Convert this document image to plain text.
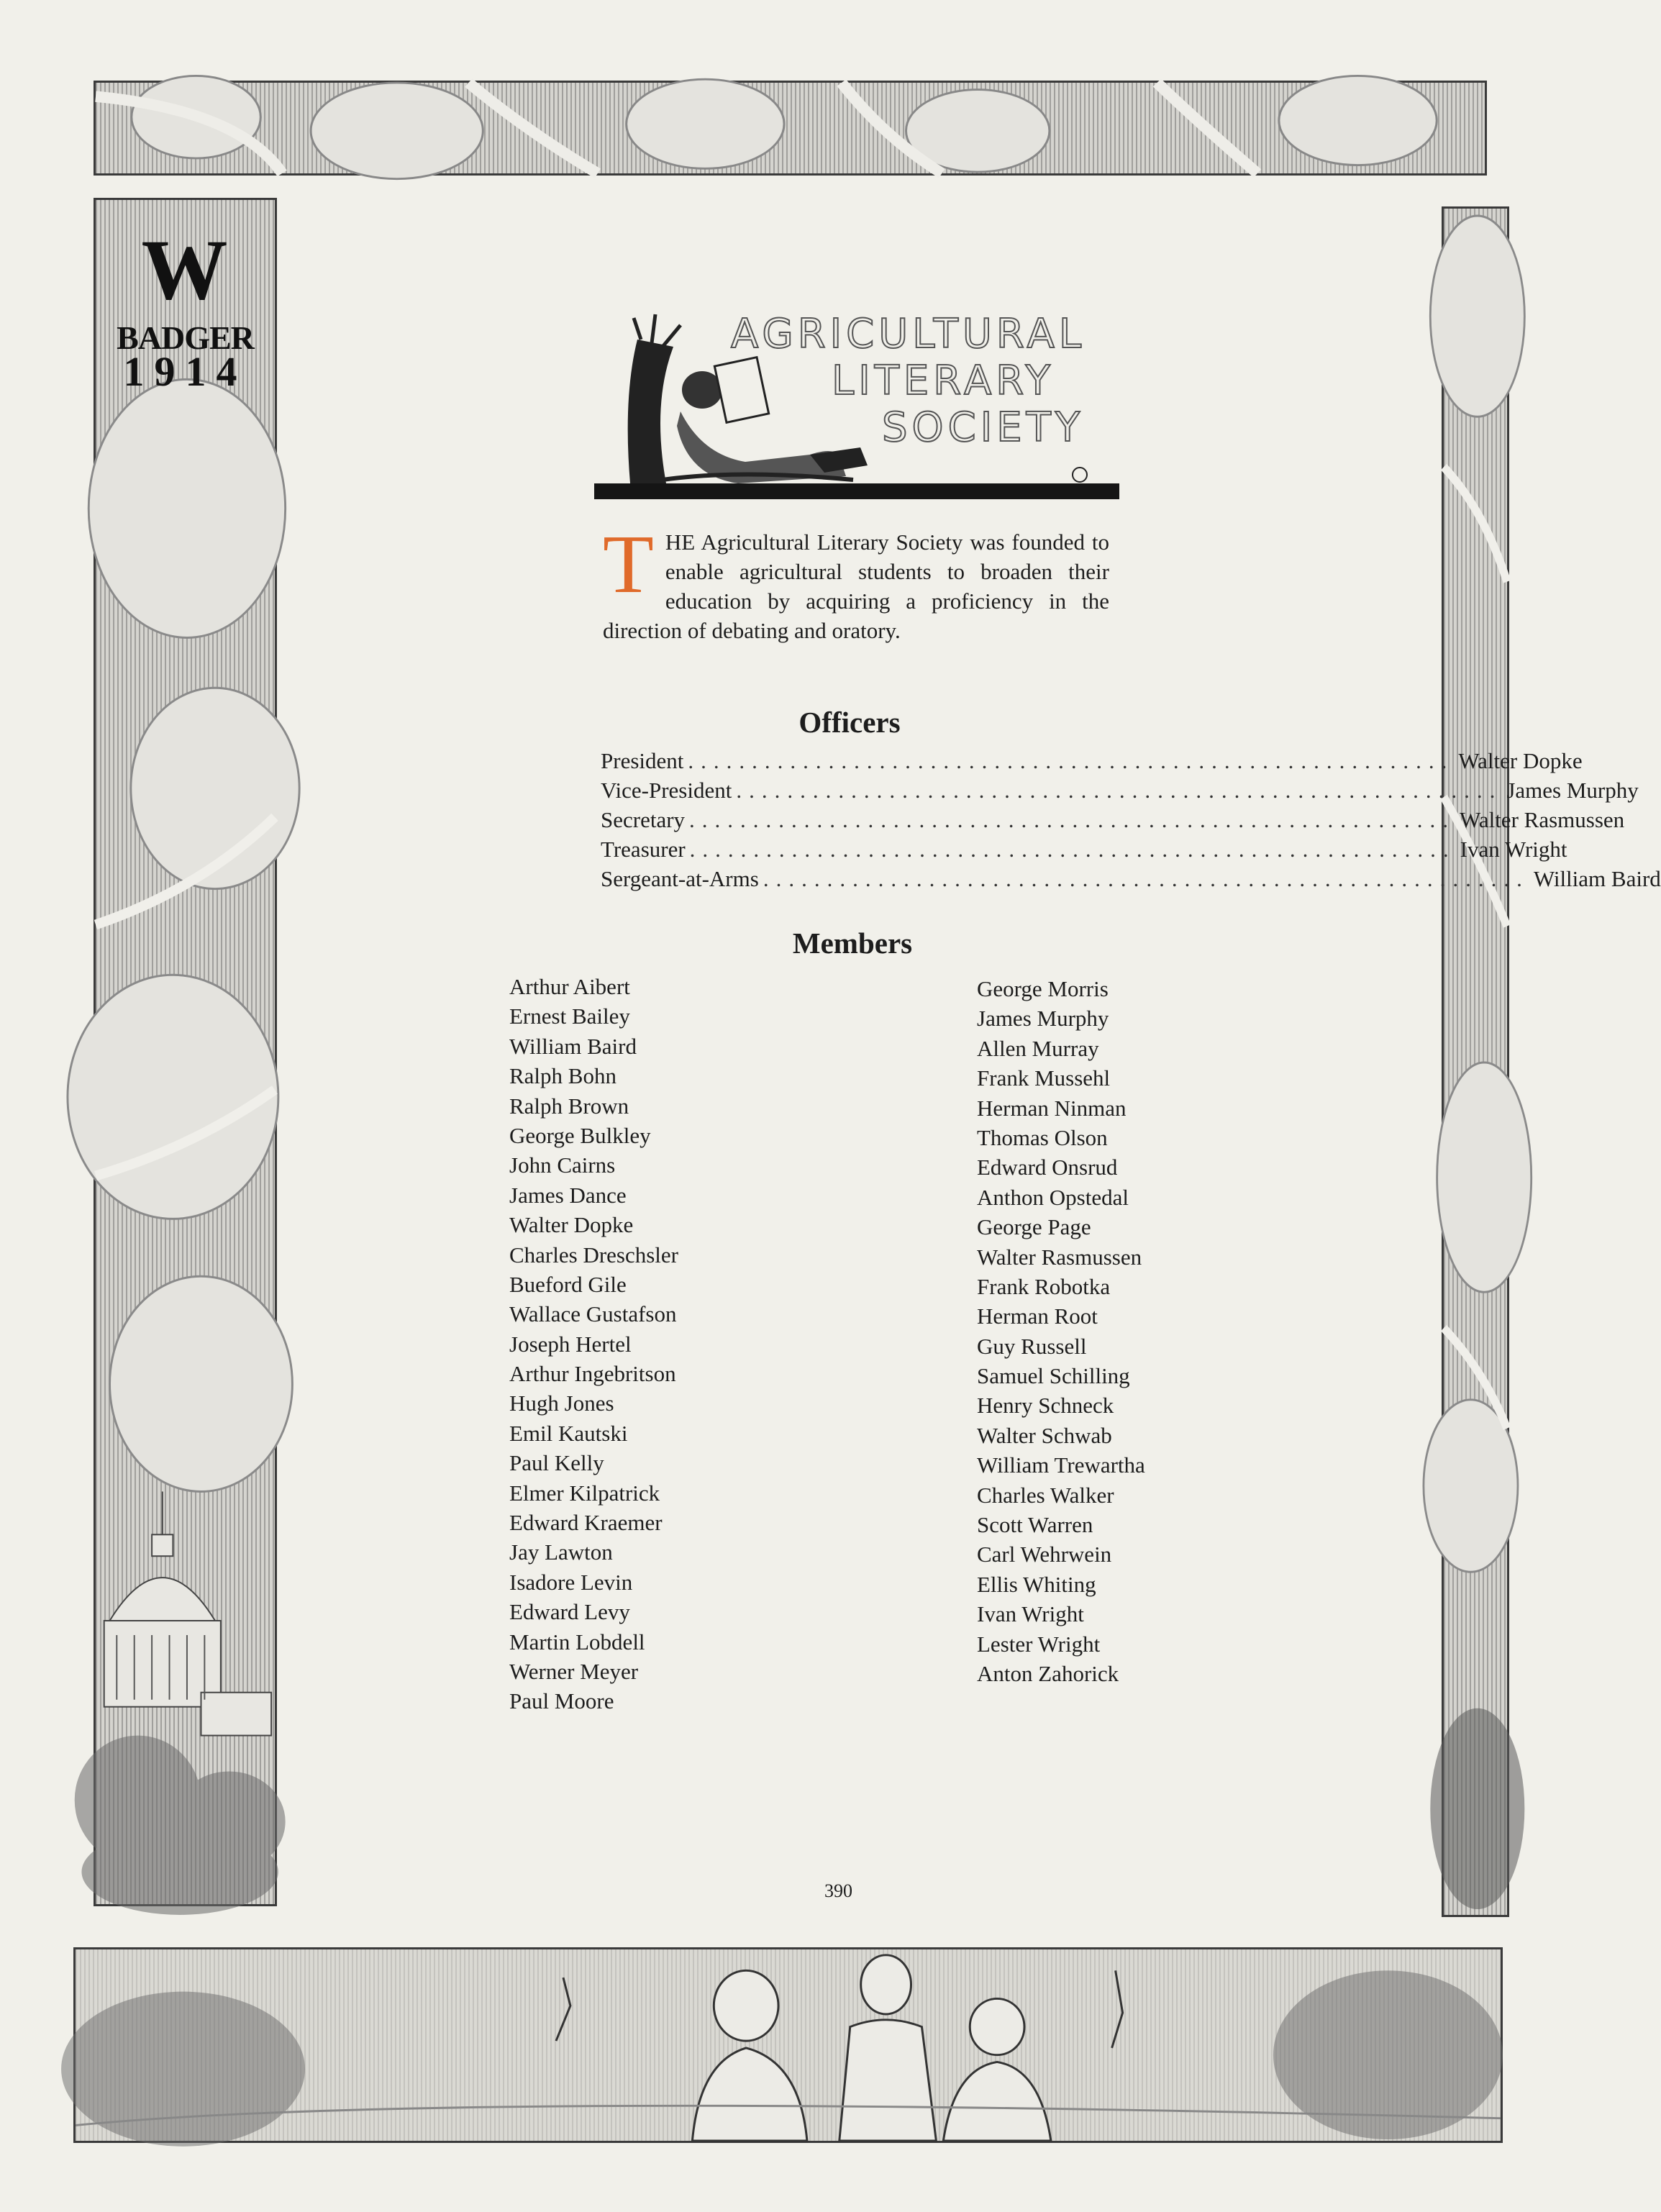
W
BADGER
1914
AGRICULTURAL
LITERARY
SOCIETY
T HE Agricultural Literary Society was founded to enable agricultural students to broaden their education by acquiring a proficiency in the direction of debating and oratory.
Officers
President ............................................................ Walter Dopke
Vice-President ............................................................ James Murphy
Secretary ............................................................ Walter Rasmussen
Treasurer ............................................................ Ivan Wright
Sergeant-at-Arms ............................................................ William Baird
Members
Arthur Aibert
Ernest Bailey
William Baird
Ralph Bohn
Ralph Brown
George Bulkley
John Cairns
James Dance
Walter Dopke
Charles Dreschsler
Bueford Gile
Wallace Gustafson
Joseph Hertel
Arthur Ingebritson
Hugh Jones
Emil Kautski
Paul Kelly
Elmer Kilpatrick
Edward Kraemer
Jay Lawton
Isadore Levin
Edward Levy
Martin Lobdell
Werner Meyer
Paul Moore
George Morris
James Murphy
Allen Murray
Frank Mussehl
Herman Ninman
Thomas Olson
Edward Onsrud
Anthon Opstedal
George Page
Walter Rasmussen
Frank Robotka
Herman Root
Guy Russell
Samuel Schilling
Henry Schneck
Walter Schwab
William Trewartha
Charles Walker
Scott Warren
Carl Wehrwein
Ellis Whiting
Ivan Wright
Lester Wright
Anton Zahorick
390
